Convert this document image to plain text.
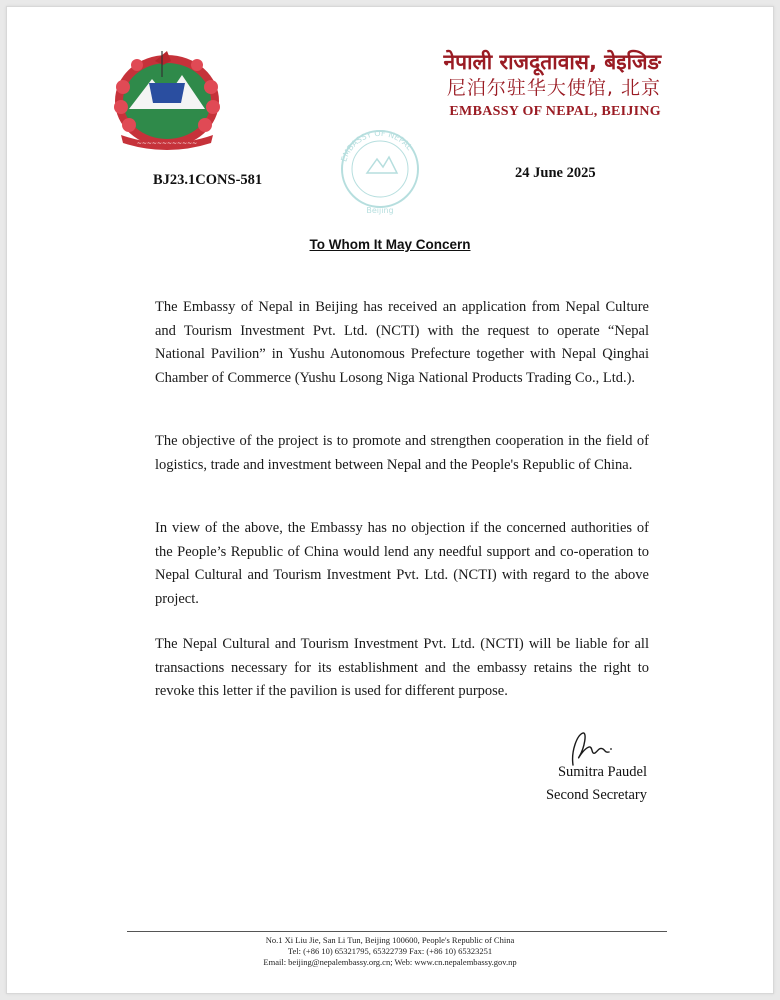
~~~~~~~~~~~~
नेपाली राजदूतावास, बेइजिङ
尼泊尔驻华大使馆, 北京
EMBASSY OF NEPAL, BEIJING
EMBASSY OF NEPAL
Beijing
BJ23.1CONS-581	24 June 2025
To Whom It May Concern

The Embassy of Nepal in Beijing has received an application from Nepal Culture and Tourism Investment Pvt. Ltd. (NCTI) with the request to operate “Nepal National Pavilion” in Yushu Autonomous Prefecture together with Nepal Qinghai Chamber of Commerce (Yushu Losong Niga National Products Trading Co., Ltd.).

The objective of the project is to promote and strengthen cooperation in the field of logistics, trade and investment between Nepal and the People's Republic of China.

In view of the above, the Embassy has no objection if the concerned authorities of the People’s Republic of China would lend any needful support and co-operation to Nepal Cultural and Tourism Investment Pvt. Ltd. (NCTI) with regard to the above project.

The Nepal Cultural and Tourism Investment Pvt. Ltd. (NCTI) will be liable for all transactions necessary for its establishment and the embassy retains the right to revoke this letter if the pavilion is used for different purpose.

Sumitra Paudel
Second Secretary
No.1 Xi Liu Jie, San Li Tun, Beijing 100600, People's Republic of China
Tel: (+86 10) 65321795, 65322739 Fax: (+86 10) 65323251
Email: beijing@nepalembassy.org.cn; Web: www.cn.nepalembassy.gov.np
